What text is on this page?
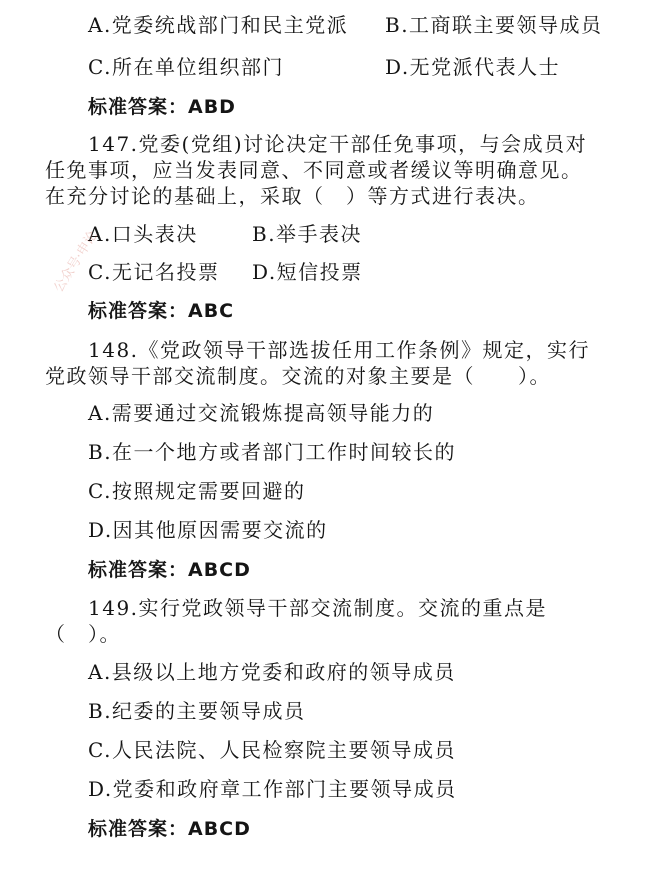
A.党委统战部门和民主党派 B.工商联主要领导成员
C.所在单位组织部门	D.无党派代表人士
标准答案：ABD
147.党委(党组)讨论决定干部任免事项，与会成员对
任免事项，应当发表同意、不同意或者缓议等明确意见。
在充分讨论的基础上，采取（　）等方式进行表决。
A.口头表决	B.举手表决
C.无记名投票 D.短信投票
标准答案：ABC
148.《党政领导干部选拔任用工作条例》规定，实行
党政领导干部交流制度。交流的对象主要是（　　）。
A.需要通过交流锻炼提高领导能力的
B.在一个地方或者部门工作时间较长的
C.按照规定需要回避的
D.因其他原因需要交流的
标准答案：ABCD
149.实行党政领导干部交流制度。交流的重点是
（　）。
A.县级以上地方党委和政府的领导成员
B.纪委的主要领导成员
C.人民法院、人民检察院主要领导成员
D.党委和政府章工作部门主要领导成员
标准答案：ABCD
公众号·申论
